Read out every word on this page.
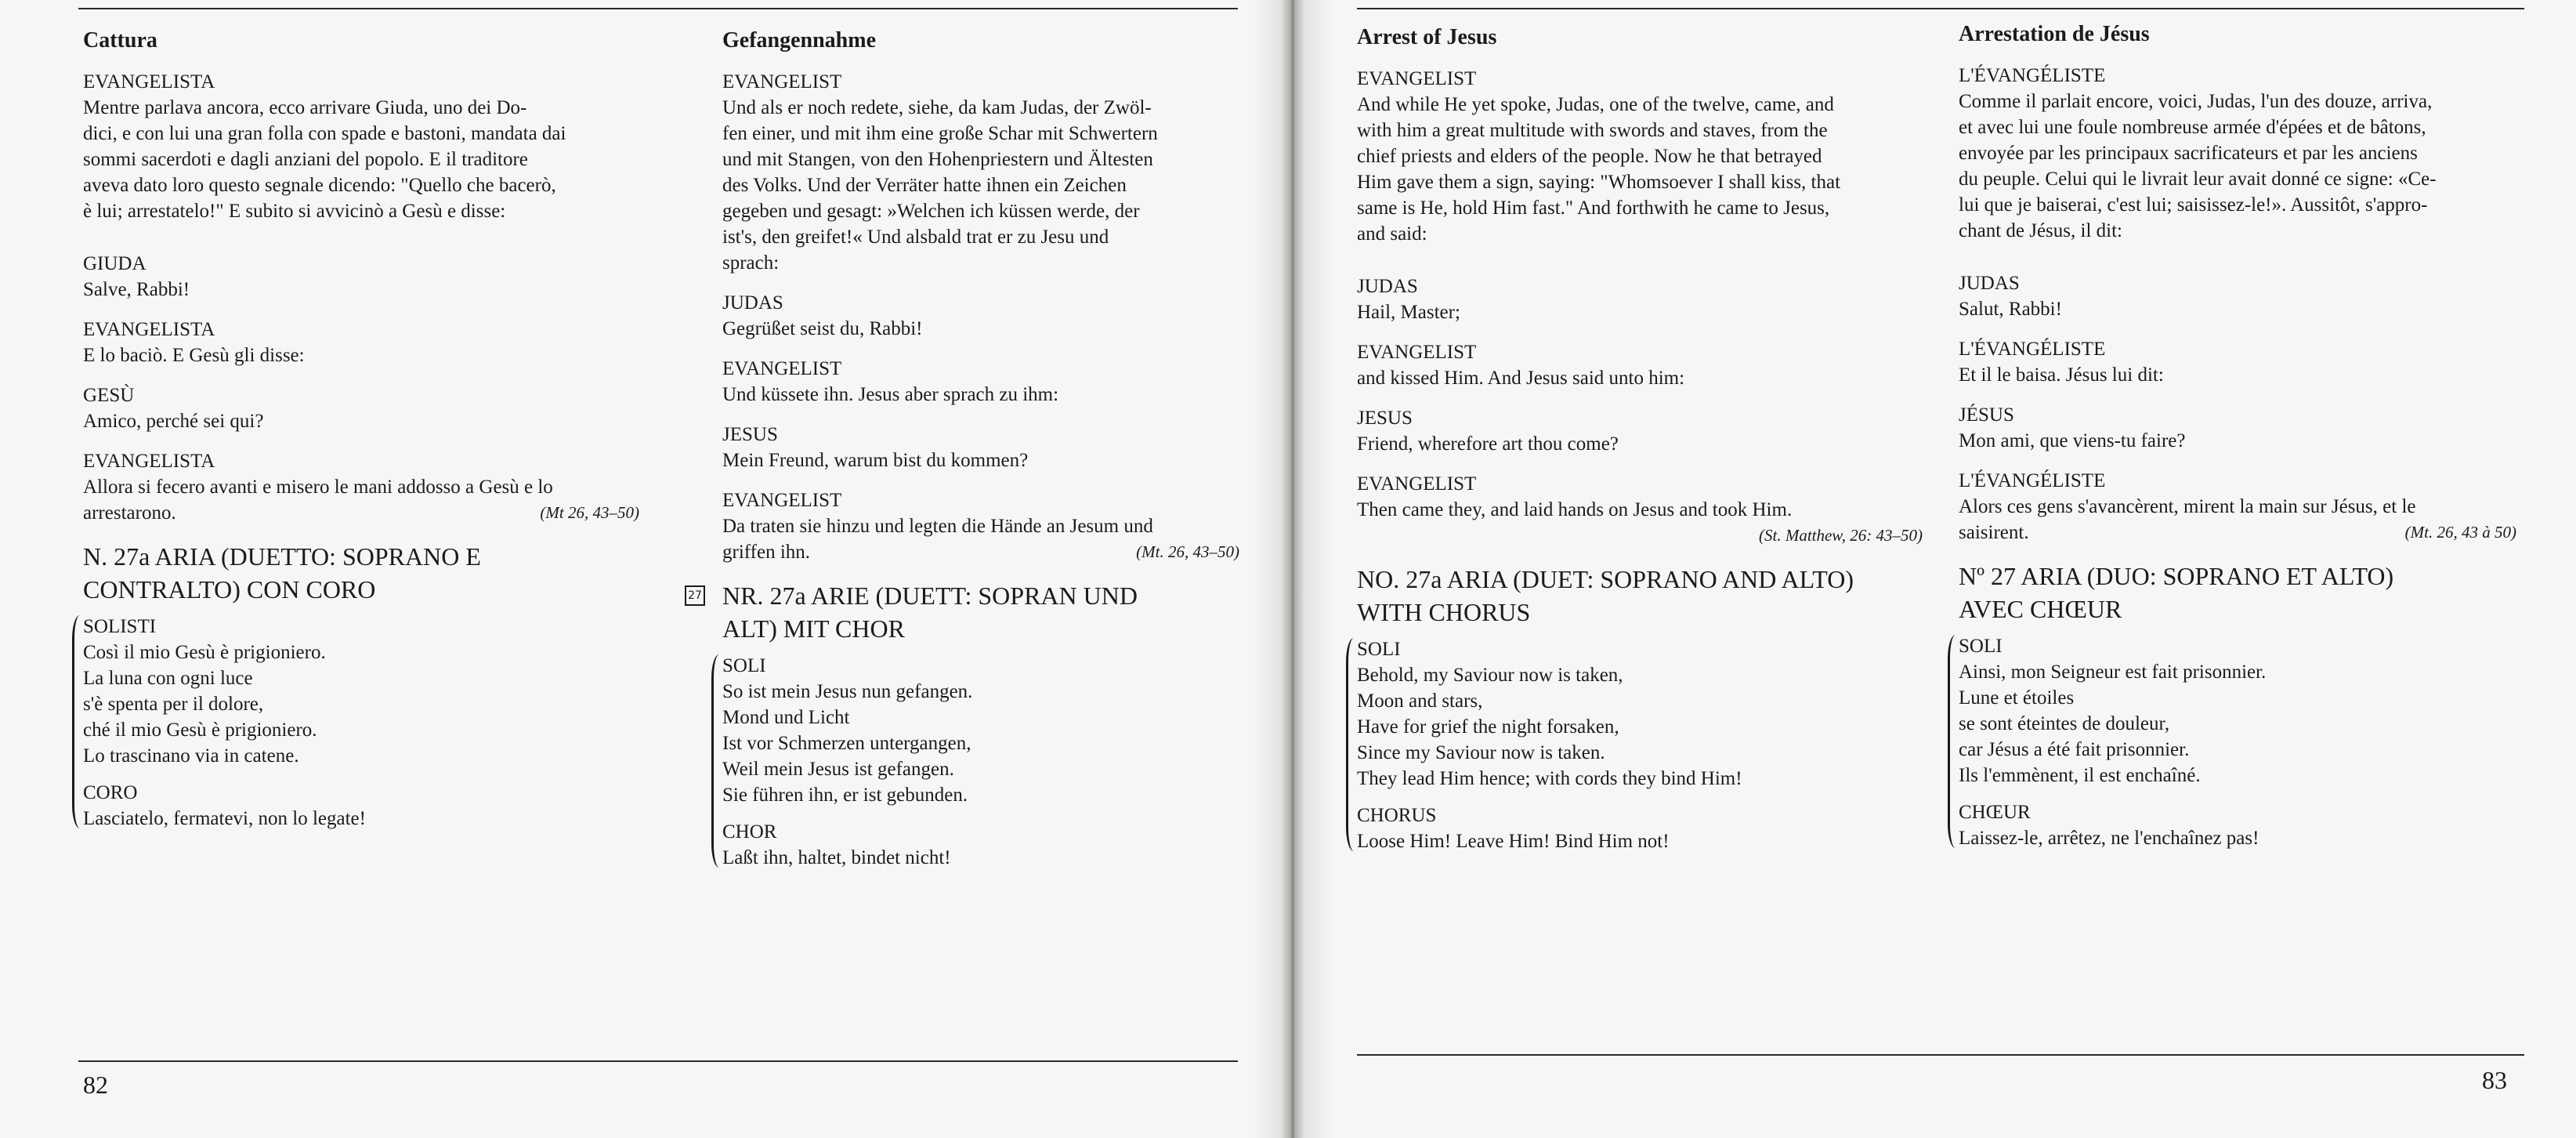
Cattura

EVANGELISTA
Mentre parlava ancora, ecco arrivare Giuda, uno dei Do-
dici, e con lui una gran folla con spade e bastoni, mandata dai
sommi sacerdoti e dagli anziani del popolo. E il traditore
aveva dato loro questo segnale dicendo: "Quello che bacerò,
è lui; arrestatelo!" E subito si avvicinò a Gesù e disse:
GIUDA
Salve, Rabbi!
EVANGELISTA
E lo baciò. E Gesù gli disse:
GESÙ
Amico, perché sei qui?
EVANGELISTA
Allora si fecero avanti e misero le mani addosso a Gesù e lo
arrestarono.	(Mt 26, 43–50)
N. 27a ARIA (DUETTO: SOPRANO E
CONTRALTO) CON CORO
SOLISTI
Così il mio Gesù è prigioniero.
La luna con ogni luce
s'è spenta per il dolore,
ché il mio Gesù è prigioniero.
Lo trascinano via in catene.
CORO
Lasciatelo, fermatevi, non lo legate!

Gefangennahme

EVANGELIST
Und als er noch redete, siehe, da kam Judas, der Zwöl-
fen einer, und mit ihm eine große Schar mit Schwertern
und mit Stangen, von den Hohenpriestern und Ältesten
des Volks. Und der Verräter hatte ihnen ein Zeichen
gegeben und gesagt: »Welchen ich küssen werde, der
ist's, den greifet!« Und alsbald trat er zu Jesu und
sprach:
JUDAS
Gegrüßet seist du, Rabbi!
EVANGELIST
Und küssete ihn. Jesus aber sprach zu ihm:
JESUS
Mein Freund, warum bist du kommen?
EVANGELIST
Da traten sie hinzu und legten die Hände an Jesum und
griffen ihn.	(Mt. 26, 43–50)
27 NR. 27a ARIE (DUETT: SOPRAN UND
ALT) MIT CHOR
SOLI
So ist mein Jesus nun gefangen.
Mond und Licht
Ist vor Schmerzen untergangen,
Weil mein Jesus ist gefangen.
Sie führen ihn, er ist gebunden.
CHOR
Laßt ihn, haltet, bindet nicht!
82

Arrest of Jesus

EVANGELIST
And while He yet spoke, Judas, one of the twelve, came, and
with him a great multitude with swords and staves, from the
chief priests and elders of the people. Now he that betrayed
Him gave them a sign, saying: "Whomsoever I shall kiss, that
same is He, hold Him fast." And forthwith he came to Jesus,
and said:
JUDAS
Hail, Master;
EVANGELIST
and kissed Him. And Jesus said unto him:
JESUS
Friend, wherefore art thou come?
EVANGELIST
Then came they, and laid hands on Jesus and took Him.
(St. Matthew, 26: 43–50)
NO. 27a ARIA (DUET: SOPRANO AND ALTO)
WITH CHORUS
SOLI
Behold, my Saviour now is taken,
Moon and stars,
Have for grief the night forsaken,
Since my Saviour now is taken.
They lead Him hence; with cords they bind Him!
CHORUS
Loose Him! Leave Him! Bind Him not!

Arrestation de Jésus

L'ÉVANGÉLISTE
Comme il parlait encore, voici, Judas, l'un des douze, arriva,
et avec lui une foule nombreuse armée d'épées et de bâtons,
envoyée par les principaux sacrificateurs et par les anciens
du peuple. Celui qui le livrait leur avait donné ce signe: «Ce-
lui que je baiserai, c'est lui; saisissez-le!». Aussitôt, s'appro-
chant de Jésus, il dit:
JUDAS
Salut, Rabbi!
L'ÉVANGÉLISTE
Et il le baisa. Jésus lui dit:
JÉSUS
Mon ami, que viens-tu faire?
L'ÉVANGÉLISTE
Alors ces gens s'avancèrent, mirent la main sur Jésus, et le
saisirent.	(Mt. 26, 43 à 50)
Nº 27 ARIA (DUO: SOPRANO ET ALTO)
AVEC CHŒUR
SOLI
Ainsi, mon Seigneur est fait prisonnier.
Lune et étoiles
se sont éteintes de douleur,
car Jésus a été fait prisonnier.
Ils l'emmènent, il est enchaîné.
CHŒUR
Laissez-le, arrêtez, ne l'enchaînez pas!
83
